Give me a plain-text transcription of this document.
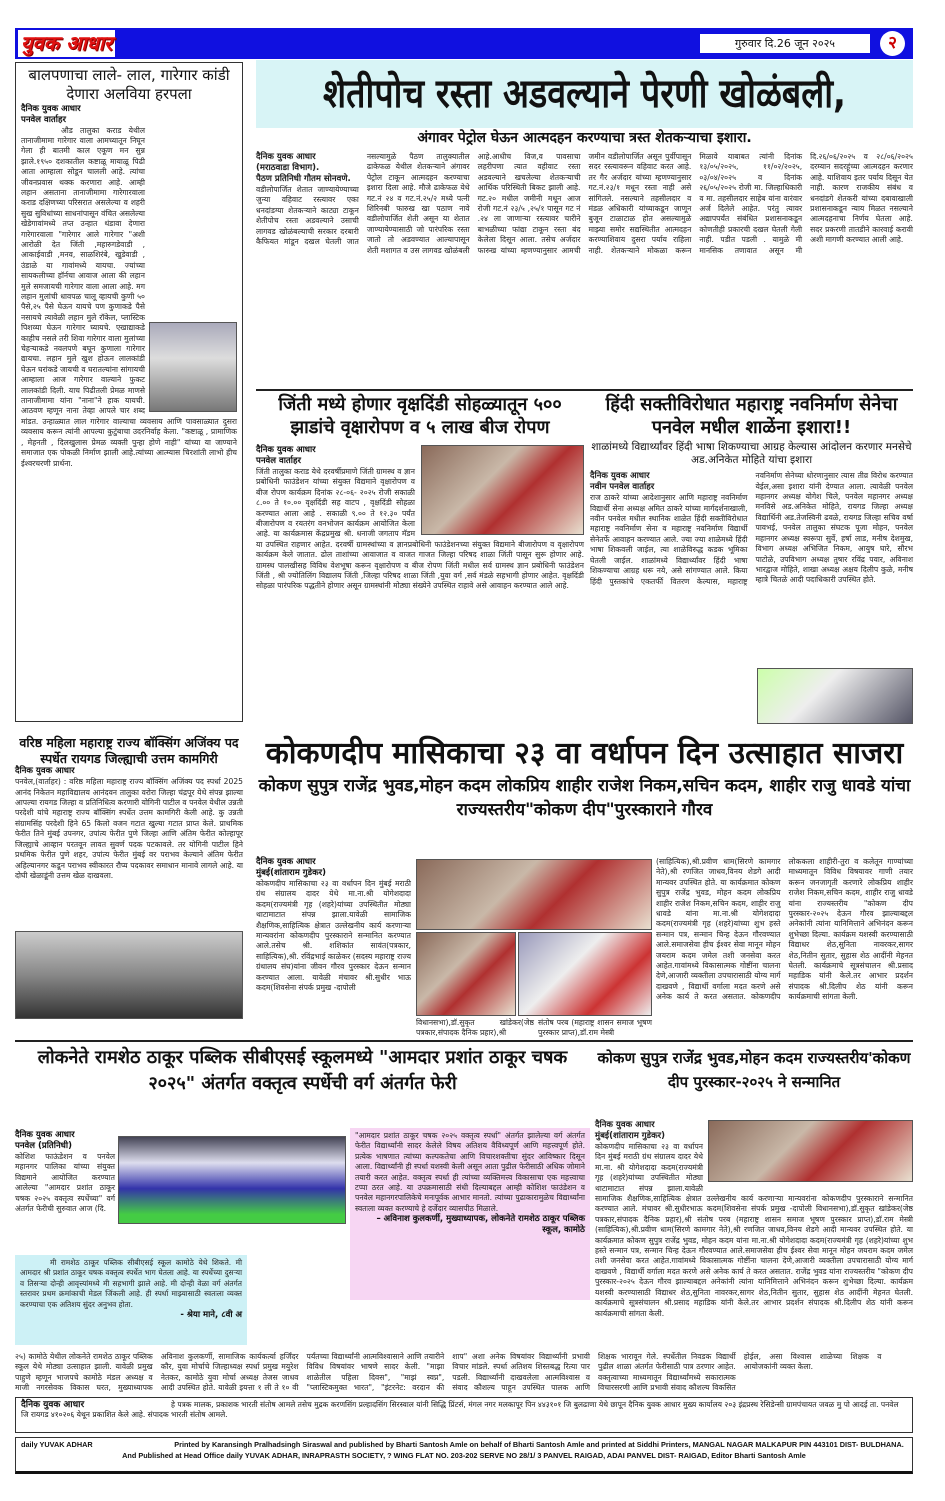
युवक आधार	गुरुवार दि.26 जून २०२५	२
बालपणाचा लाले- लाल, गारेगार कांडी देणारा अलविया हरपला
दैनिक युवक आधार
पनवेल वार्ताहर
औड तालुका कराड येथील तानाजीमामा गारेगार वाला आमच्यातून निघून गेला ही बातमी काल एकूण मन सुन्न झाले.१९५० दशकातील कष्टाळू मायाळू पिढी आता आम्हाला सोडून चालली आहे. त्यांचा जीवनप्रवास थक्क करणारा आहे. आम्ही लहान असताना तानाजीमामा गारेगारवाला कराड दक्षिणच्या परिसरात असलेल्या व शहरी सुख सुविधांच्या साधनांपासून वंचित असलेल्या खेडेगावांमध्ये तप्त उन्हात थंडावा देणारा गारेगारवाला "गारेगार आले गारेगार "अशी आरोळी देत जिंती ,महारुगडेवाडी , आकाईवाडी ,मनव, साळशिरंबे, खुडेवाडी , उंडाळे या गावांमध्ये यायचा. ज्यांच्या सायकलीच्या हॉर्नचा आवाज आला की लहान मुले समजायची गारेगार वाला आला आहे. मग लहान मुलांची धावपळ चालू व्हायची कुणी ५० पैसे,२५ पैसे घेऊन यायचे पण कुणाकडे पैसे नसायचे त्यावेळी लहान मुले रॉकेल, प्लास्टिक पिशव्या घेऊन गारेगार घ्यायचे. एखाद्याकडे काहीच नसले तरी शिवा गारेगार वाला मुलांच्या चेहऱ्याकडे नवलपणे बघून कुणाला गारेगार द्यायचा. लहान मुले खुश होऊन लालकांडी घेऊन घरांकडे जायची व घरातल्यांना सांगायची आम्हाला आज गारेगार वाल्याने फुकट लालकांडी दिली. याच पिढीतली प्रेमळ माणसे तानाजीमामा यांना "नाना"ने हाक यायची. आठवण म्हणून नाना तेव्हा आपले चार शब्द मांडत. उन्हाळ्यात लाल गारेगार वाल्याचा व्यवसाय आणि पावसाळ्यात दुसरा व्यवसाय करून त्यांनी आपल्या कुटुंबाचा उदरनिर्वाह केला. "कष्टाळू , प्रामाणिक , मेहनती , दिलखुलास प्रेमळ व्यक्ती पुन्हा होणे नाही" यांच्या या जाण्याने समाजात एक पोकळी निर्माण झाली आहे.त्यांच्या आत्म्यास चिरशांती लाभो हीच ईश्वरचरणी प्रार्थना.
शेतीपोच रस्ता अडवल्याने पेरणी खोळंबली,
अंगावर पेट्रोल घेऊन आत्मदहन करण्याचा त्रस्त शेतकऱ्याचा इशारा.
दैनिक युवक आधार
(मराठवाडा विभाग).
पैठण प्रतिनिधी गौतम सोनवणे.
वडीलोपार्जित शेतात जाण्यायेण्याच्या जुन्या वहिवाट रस्त्यावर एका धनदांडग्या शेतकऱ्याने काट्या टाकून शेतीपोच रस्ता अडवल्याने उसाची लागवड खोळंबल्याची सरकार दरबारी कैफियत मांडून दखल घेतली जात नसल्यामुळे पैठण तालुक्यातील ढाकेफळ येथील शेतकऱ्याने अंगावर पेट्रोल टाकून आत्मदहन करण्याचा इशारा दिला आहे. मौजे ढाकेफळ येथे गट.नं २४ व गट.नं.२५/२ मध्ये पत्नी शिरिनबी फारुख खा पठाण नावे वडीलोपार्जित शेती असून या शेतात जाण्यायेण्यासाठी जो पारंपरिक रस्ता जातो तो अडवण्यात आल्यापासून शेती मशागत व उस लागवड खोळंबली आहे.आधीच विज,व पावसाचा लहरीपणा त्यात वहीवाट रस्ता अडवल्याने खचलेल्या शेतकऱ्याची आर्थिक परिस्थिती बिकट झाली आहे. गट.२० मधील जमीनी मधून आज रोजी गट.नं २३/५ ,२५/१ पासून गट नं .२४ ला जाणाऱ्या रस्त्यावर चारीने बाभळीच्या फांद्या टाकून रस्ता बंद केलेला दिसून आला. तसेच अर्जदार फारुख यांच्या म्हणण्यानुसार आमची जमीन वडीलोपार्जित असून पुर्वीपासून सदर रस्त्यावरून वहिवाट करत आहे. तर गैर अर्जदार यांच्या म्हणण्यानुसार गट.नं.२३/१ मधून रस्ता नाही असे सांगितले. नसल्याने तहसीलदार व मंडळ अधिकारी यांच्याकडून जाणून बुजून टाळाटाळ होत असल्यामुळे माझ्या समोर सद्यस्थितीत आत्मदहन करण्याशिवाय दुसरा पर्याय राहिला नाही. शेतकऱ्याने मोकळा करून मिळावे याबाबत त्यांनी दिनांक १३/०५/२०२५, ११/०२/२०२५, ०३/०४/२०२५ व दिनांक २६/०५/२०२५ रोजी मा. जिल्हाधिकारी व मा. तहसीलदार साहेब यांना वारंवार अर्ज दिलेले आहेत. परंतु त्यावर अद्यापपर्यंत संबंधित प्रशासनाकडून कोणतीही प्रकारची दखल घेतली गेली नाही. पडीत पडली . यामुळे मी मानसिक तणावात असून मी दि.२६/०६/२०२५ व २८/०६/२०२५ दरम्यान सदरहूंच्या आत्मदहन करणार आहे. याशिवाय इतर पर्याय दिसून येत नाही. कारण राजकीय संबंध व धनदांडगे शेतकरी यांच्या दबावाखाली प्रशासनाकडून न्याय मिळत नसल्याने आत्मदहनाचा निर्णय घेतला आहे. सदर प्रकरणी तातडीने कारवाई करावी अशी मागणी करण्यात आली आहे.
जिंती मध्ये होणार वृक्षदिंडी सोहळ्यातून ५०० झाडांचे वृक्षारोपण व ५ लाख बीज रोपण
दैनिक युवक आधार
पनवेल वार्ताहर
जिंती तालुका कराड येथे दरवर्षीप्रमाणे जिंती ग्रामस्थ व ज्ञान प्रबोधिनी फाउंडेशन यांच्या संयुक्त विद्यमाने वृक्षारोपण व बीज रोपण कार्यक्रम दिनांक २८-०६- २०२५ रोजी सकाळी ८.०० ते १०.०० वृक्षदिंडी सह वाटप , वृक्षदिंडी सोहळा करण्यात आला आहे . सकाळी ९.०० ते १२.३० पर्यंत बीजारोपण व रयतरंग वनभोजन कार्यक्रम आयोजित केला आहे. या कार्यक्रमास केंद्रप्रमुख श्री. धनाजी जगताप मॅडम या उपस्थित राहणार आहेत. दरवर्षी ग्रामस्थांच्या व ज्ञानप्रबोधिनी फाउंडेशनच्या संयुक्त विद्यमाने बीजारोपण व वृक्षारोपण कार्यक्रम केले जातात. ढोल ताशांच्या आवाजात व वाजत गाजत जिल्हा परिषद शाळा जिंती पासून सुरू होणार आहे. ग्रामस्थ पालखीसह विविध वेशभूषा करून वृक्षारोपण व बीज रोपण जिंती मधील सर्व ग्रामस्थ ज्ञान प्रबोधिनी फाउंडेशन जिंती , श्री ज्योतिलिंग विद्यालय जिंती ,जिल्हा परिषद शाळा जिंती ,युवा वर्ग ,सर्व मंडळे सहभागी होणार आहेत. वृक्षदिंडी सोहळा पारंपरिक पद्धतीने होणार असून ग्रामस्थांनी मोठ्या संख्येने उपस्थित राहावे असे आवाहन करण्यात आले आहे.
हिंदी सक्तीविरोधात महाराष्ट्र नवनिर्माण सेनेचा पनवेल मधील शाळेंना इशारा!!
शाळांमध्ये विद्यार्थ्यांवर हिंदी भाषा शिकण्याचा आग्रह केल्यास आंदोलन करणार मनसेचे अड.अनिकेत मोहिते यांचा इशारा
दैनिक युवक आधार
नवीन पनवेल वार्ताहर
राज ठाकरे यांच्या आदेशानुसार आणि महाराष्ट्र नवनिर्माण विद्यार्थी सेना अध्यक्ष अमित ठाकरे यांच्या मार्गदर्शनाखाली, नवीन पनवेल मधील स्थानिक शाळेत हिंदी सक्तीविरोधात महाराष्ट्र नवनिर्माण सेना व महाराष्ट्र नवनिर्माण विद्यार्थी सेनेतर्फे आवाहन करण्यात आले. ज्या ज्या शाळेमध्ये हिंदी भाषा शिकवली जाईल, त्या शाळेविरुद्ध कडक भूमिका घेतली जाईल. शाळांमध्ये विद्यार्थ्यांवर हिंदी भाषा शिकण्याचा आग्रह धरू नये, असे सांगण्यात आले. किया हिंदी पुस्तकांचे एकतर्फी वितरण केल्यास, महाराष्ट्र नवनिर्माण सेनेच्या धोरणानुसार त्यास तीव्र विरोध करण्यात येईल,असा इशारा यांनी देण्यात आला. त्यावेळी पनवेल महानगर अध्यक्ष योगेश चिले, पनवेल महानगर अध्यक्ष मनविसे अड.अनिकेत मोहिते, रायगड जिल्हा अध्यक्ष विद्यार्थिनी अड.तेजस्विनी ढवळे, रायगड जिल्हा सचिव वर्षा पावभई, पनवेल तालुका संघटक पूजा मोहन, पनवेल महानगर अध्यक्ष स्वरूपा सुर्वे, हर्षा लाड, मनीष देशमुख, विभाग अध्यक्ष अभिजित निकम, आयुष घारे, सौरभ पाटोळे, उपविभाग अध्यक्ष तुषार रविंद्र पवार, अविनाश भारद्वाज मोहिते, शाखा अध्यक्ष अक्षय दिलीप कुळे, मनीष म्हात्रे चितळे आदी पदाधिकारी उपस्थित होते.
वरिष्ठ महिला महाराष्ट्र राज्य बॉक्सिंग अजिंक्य पद स्पर्धेत रायगड जिल्ह्याची उत्तम कामगिरी
दैनिक युवक आधार
पनवेल,(वार्ताहर) : वरिष्ठ महिला महाराष्ट्र राज्य बॉक्सिंग अजिंक्य पद स्पर्धा 2025 आनंद निकेतन महाविद्यालय आनंदवन तालुका वरोरा जिल्हा चंद्रपूर येथे संपन्न झाल्या आपल्या रायगड जिल्हा व प्रतिनिधित्व करणारी योगिनी पाटील व पनवेल येथील उन्नती परदेशी यांचे महाराष्ट्र राज्य बॉक्सिंग स्पर्धेत उत्तम कामगिरी केली आहे. कु उन्नती संग्रामसिंह परदेशी हिने 65 किलो वजन गटात खुल्या गटात प्राप्त केले. प्राथमिक फेरीत तिने मुंबई उपनगर, उपांत्य फेरीत पुणे जिल्हा आणि अंतिम फेरीत कोल्हापूर जिल्ह्याचे आव्हान परतवून लावत सुवर्ण पदक पटकावले. तर योगिनी पाटील हिने प्रथमिक फेरीत पुणे शहर, उपांत्य फेरीत मुंबई वर पराभव केल्याने अंतिम फेरीत अहिल्यानगर कडून पराभव स्वीकारत रौप्य पदकावर समाधान मानावे लागले आहे. या दोघी खेळाडूंनी उत्तम खेळ दाखवला.
कोकणदीप मासिकाचा २३ वा वर्धापन दिन उत्साहात साजरा
कोकण सुपुत्र राजेंद्र भुवड,मोहन कदम लोकप्रिय शाहीर राजेश निकम,सचिन कदम, शाहीर राजु धावडे यांचा राज्यस्तरीय"कोकण दीप"पुरस्काराने गौरव
दैनिक युवक आधार
मुंबई(शांताराम गुडेकर)
कोकणदीप मासिकाचा २३ वा वर्धापन दिन मुंबई मराठी ग्रंथ संग्रालय दादर येथे मा.ना.श्री योगेशदादा कदम(राज्यमंत्री गृह (शहरे)यांच्या उपस्थितीत मोठ्या थाटामाटात संपन्न झाला.यावेळी सामाजिक शैक्षणिक,साहित्यिक क्षेत्रात उल्लेखनीय कार्य करणाऱ्या मान्यवरांना कोकणदीप पुरस्काराने सन्मानित करण्यात आले.तसेच श्री. शशिकांत सावंत(पत्रकार, साहित्यिक),श्री. रविंद्रभाई काळेकर (सदस्य महाराष्ट्र राज्य ग्रंथालय संघ)यांना जीवन गौरव पुरस्कार देऊन सन्मान करण्यात आला. यावेळी मंचावर श्री.सुधीर भाऊ कदम(शिवसेना संपर्क प्रमुख -दापोली
विधानसभा),डॉ.सुकृत खांडेकर(जेष्ठ पत्रकार,संपादक दैनिक प्रहार),श्री
संतोष परब (महाराष्ट्र शासन समाज भूषण पुरस्कार प्राप्त),डॉ.राम मेस्त्री
(साहित्यिक),श्री.प्रवीण धाम(सिरणे कामगार नेते),श्री रणजित जाधव,विनय शेडगे आदी मान्यवर उपस्थित होते. या कार्यक्रमात कोकण सुपुत्र राजेंद्र भुवड, मोहन कदम लोकप्रिय शाहीर राजेश निकम,सचिन कदम, शाहीर राजु धावडे यांना मा.ना.श्री योगेशदादा कदम(राज्यमंत्री गृह (शहरे)यांच्या शुभ हस्ते सन्मान पत्र, सन्मान चिन्ह देऊन गौरवण्यात आले.समाजसेवा हीच ईश्वर सेवा मानून मोहन जयराम कदम जमेल तशी जनसेवा करत आहेत.गावांमध्ये विकासात्मक गोष्टींना चालना देणे,आजारी व्यक्तीला उपचारासाठी योग्य मार्ग दाखवणे , विद्यार्थी वर्गाला मदत करणे असे अनेक कार्य ते करत असतात. कोकणदीप लोककला शाहीरी-तुरा व कलेतून गाण्यांच्या माध्यमातून विविध विषयावर गाणी तयार करून जनजागृती करणारे लोकप्रिय शाहीर राजेश निकम,सचिन कदम, शाहीर राजु धावडे यांना राज्यस्तरीय "कोकण दीप पुरस्कार-२०२५ देऊन गौरव झाल्याबद्दल अनेकांनी त्यांना यानिमित्ताने अभिनंदन करून शुभेच्छा दिल्या. कार्यक्रम यशस्वी करण्यासाठी विद्याधर शेठ,सुनिता नावरकर,सागर शेठ,नितीन सुतार, सुहास शेठ आदींनी मेहनत घेतली. कार्यक्रमाचे सूत्रसंचालन श्री.प्रसाद महाडिक यांनी केले.तर आभार प्रदर्शन संपादक श्री.दिलीप शेठ यांनी करून कार्यक्रमाची सांगता केली.
लोकनेते रामशेठ ठाकूर पब्लिक सीबीएसई स्कूलमध्ये "आमदार प्रशांत ठाकूर चषक २०२५" अंतर्गत वक्तृत्व स्पर्धेची वर्ग अंतर्गत फेरी
दैनिक युवक आधार
पनवेल (प्रतिनिधी)
कोशिश फाऊंडेशन व पनवेल महानगर पालिका यांच्या संयुक्त विद्यमाने आयोजित करण्यात आलेल्या "आमदार प्रशांत ठाकूर चषक २०२५ वक्तृत्व स्पर्धेच्या" वर्ग अंतर्गत फेरीची सुरुवात आज (दि.
मी रामशेठ ठाकूर पब्लिक सीबीएसई स्कूल कामोठे येथे शिकते. मी आमदार श्री प्रशांत ठाकूर चषक वक्तृत्व स्पर्धेत भाग घेतला आहे. या स्पर्धेच्या दुसऱ्या व तिसऱ्या दोन्ही आवृत्त्यांमध्ये मी सहभागी झाले आहे. मी दोन्ही वेळा वर्ग अंतर्गत स्तरावर प्रथम क्रमांकाची मेडल जिंकली आहे. ही स्पर्धा माझ्यासाठी स्वतःला व्यक्त करण्याचा एक अतिशय सुंदर अनुभव होता.
- श्रेया माने, ८वी अ
"आमदार प्रशांत ठाकूर चषक २०२५ वक्तृत्व स्पर्धा" अंतर्गत झालेल्या वर्ग अंतर्गत फेरीत विद्यार्थ्यांनी सादर केलेले विषय अतिशय वैविध्यपूर्ण आणि महत्त्वपूर्ण होते. प्रत्येक भाषणात त्यांच्या कल्पकतेचा आणि विचारशक्तीचा सुंदर आविष्कार दिसून आला. विद्यार्थ्यांनी ही स्पर्धा यशस्वी केली असून आता पुढील फेरीसाठी अधिक जोमाने तयारी करत आहेत. वक्तृत्व स्पर्धा ही त्यांच्या व्यक्तिमत्त्व विकासाचा एक महत्त्वाचा टप्पा ठरत आहे. या उपक्रमासाठी संधी दिल्याबद्दल आम्ही कोशिश फाउंडेशन व पनवेल महानगरपालिकेचे मनःपूर्वक आभार मानतो. त्यांच्या पुढाकारामुळेच विद्यार्थ्यांना स्वतःला व्यक्त करण्याचे हे दर्जेदार व्यासपीठ मिळाले.
– अविनाश कुलकर्णी, मुख्याध्यापक, लोकनेते रामशेठ ठाकूर पब्लिक स्कूल, कामोठे
२५) कामोठे येथील लोकनेते रामशेठ ठाकूर पब्लिक स्कूल येथे मोठ्या उत्साहात झाली. यावेळी प्रमुख पाहुणे म्हणून भाजपचे कामोठे मंडल अध्यक्ष व माजी नगरसेवक विकास घरत, मुख्याध्यापक अविनाश कुलकर्णी, सामाजिक कार्यकर्त्या हर्जिंदर कौर, युवा मोर्चाचे जिल्हाध्यक्ष स्पर्धा प्रमुख मयुरेश नेतकर, कामोठे युवा मोर्चा अध्यक्ष तेजस जाधव आदी उपस्थित होते. यावेळी इयत्ता १ ली ते १० वी पर्यंतच्या विद्यार्थ्यांनी आत्मविश्वासाने आणि तयारीने विविध विषयांवर भाषणे सादर केली. "माझा शाळेतील पहिला दिवस", "माझं स्वप्न", "प्लास्टिकमुक्त भारत", "इंटरनेट: वरदान की शाप" अशा अनेक विषयांवर विद्यार्थ्यांनी प्रभावी विचार मांडले. स्पर्धा अतिशय शिस्तबद्ध रित्या पार पडली. विद्यार्थ्यांनी दाखवलेला आत्मविश्वास व संवाद कौशल्य पाहून उपस्थित पालक आणि शिक्षक भारावून गेले. स्पर्धेतील निवडक विद्यार्थी पुढील शाळा अंतर्गत फेरीसाठी पात्र ठरणार आहेत. वक्तृत्वाच्या माध्यमातून विद्यार्थ्यांमध्ये सकारात्मक विचारसरणी आणि प्रभावी संवाद कौशल्य विकसित होईल, असा विश्वास शाळेच्या शिक्षक व आयोजकांनी व्यक्त केला.
कोकण सुपुत्र राजेंद्र भुवड,मोहन कदम राज्यस्तरीय'कोकण दीप पुरस्कार-२०२५ ने सन्मानित
दैनिक युवक आधार
मुंबई(शांताराम गुडेकर)
कोकणदीप मासिकाचा २३ वा वर्धापन दिन मुंबई मराठी ग्रंथ संग्रालय दादर येथे मा.ना. श्री योगेशदादा कदम(राज्यमंत्री गृह (शहरे)यांच्या उपस्थितीत मोठ्या थाटामाटात संपन्न झाला.यावेळी सामाजिक शैक्षणिक,साहित्यिक क्षेत्रात उल्लेखनीय कार्य करणाऱ्या मान्यवरांना कोकणदीप पुरस्काराने सन्मानित करण्यात आले. मंचावर श्री.सुधीरभाऊ कदम(शिवसेना संपर्क प्रमुख -दापोली विधानसभा),डॉ.सुकृत खांडेकर(जेष्ठ पत्रकार,संपादक दैनिक प्रहार),श्री संतोष परब (महाराष्ट्र शासन समाज भूषण पुरस्कार प्राप्त),डॉ.राम मेस्त्री (साहित्यिक),श्री.प्रवीण धाम(सिरणे कामगार नेते),श्री रणजित जाधव,विनय शेडगे आदी मान्यवर उपस्थित होते. या कार्यक्रमात कोकण सुपुत्र राजेंद्र भुवड, मोहन कदम यांना मा.ना.श्री योगेशदादा कदम(राज्यमंत्री गृह (शहरे)यांच्या शुभ हस्ते सन्मान पत्र, सन्मान चिन्ह देऊन गौरवण्यात आले.समाजसेवा हीच ईश्वर सेवा मानून मोहन जयराम कदम जमेल तशी जनसेवा करत आहेत.गावांमध्ये विकासात्मक गोष्टींना चालना देणे,आजारी व्यक्तीला उपचारासाठी योग्य मार्ग दाखवणे , विद्यार्थी वर्गाला मदत करणे असे अनेक कार्य ते करत असतात. राजेंद्र भुवड यांना राज्यस्तरीय "कोकण दीप पुरस्कार-२०२५ देऊन गौरव झाल्याबद्दल अनेकांनी त्यांना यानिमित्ताने अभिनंदन करून शुभेच्छा दिल्या. कार्यक्रम यशस्वी करण्यासाठी विद्याधर शेठ,सुनिता नावरकर,सागर शेठ,नितीन सुतार, सुहास शेठ आदींनी मेहनत घेतली. कार्यक्रमाचे सूत्रसंचालन श्री.प्रसाद महाडिक यांनी केले.तर आभार प्रदर्शन संपादक श्री.दिलीप शेठ यांनी करून कार्यक्रमाची सांगता केली.
दैनिक युवक आधार	हे पत्रक मालक, प्रकाशक भारती संतोष आमले तसेच मुद्रक करणसिंग प्रल्हादसिंग सिरस्वाल यांनी सिद्धि प्रिंटर्स, मंगल नगर मलकापूर पिन ४४३१०१ जि बुलढाणा येथे छापून दैनिक युवक आधार मुख्य कार्यालय २०३ इंद्रप्रस्थ रेसिडेन्सी ग्रामपंचायत जवळ मु पो आदई ता. पनवेल जि रायगड ४१०२०६ येथून प्रकाशित केले आहे. संपादक भारती संतोष आमले.
daily YUVAK ADHAR	Printed by Karansingh Pralhadsingh Siraswal and published by Bharti Santosh Amle on behalf of Bharti Santosh Amle and printed at Siddhi Printers, MANGAL NAGAR MALKAPUR PIN 443101 DIST- BULDHANA. And Published at Head Office daily YUVAK ADHAR, INRAPRASTH SOCIETY, ? WING FLAT NO. 203-202 SERVE NO 28/1/ 3 PANVEL RAIGAD, ADAI PANVEL DIST- RAIGAD, Editor Bharti Santosh Amle
